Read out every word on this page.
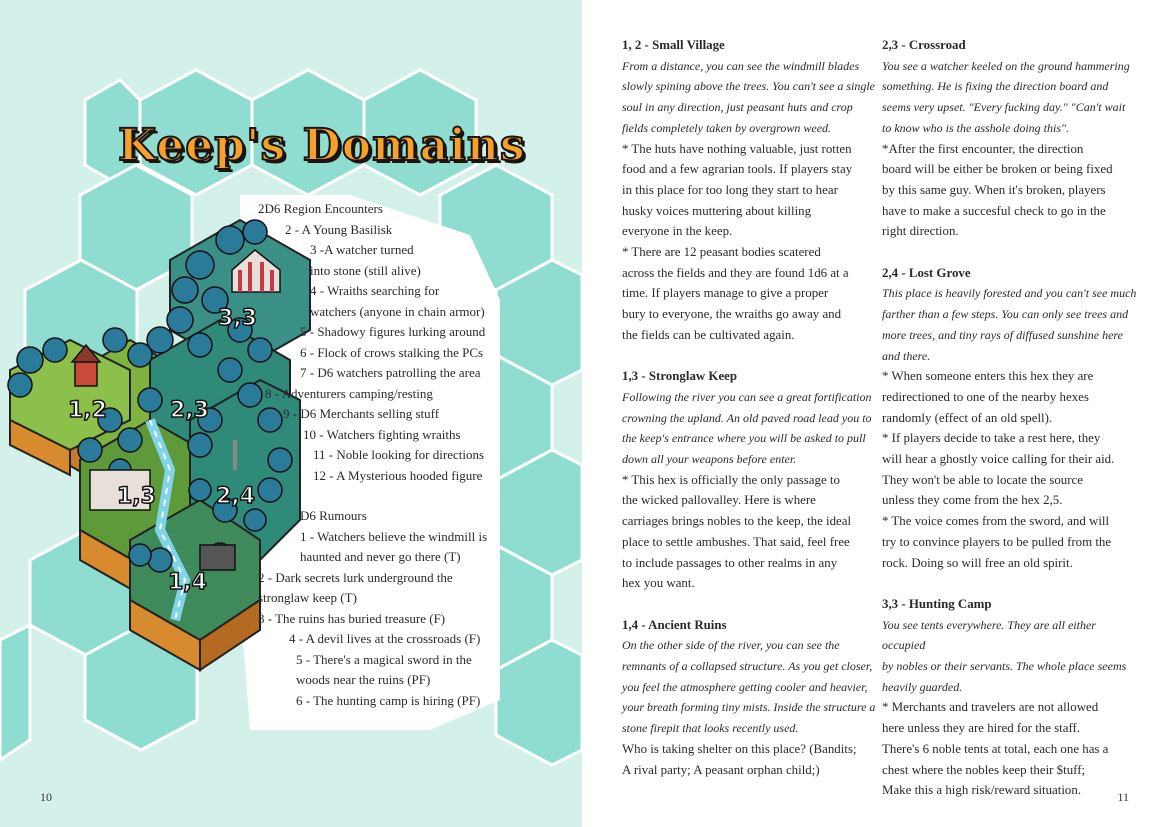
Keep's Domains
1,2	2,3
1,3	2,4
1,4
3,3
2D6 Region Encounters
2 - A Young Basilisk
3 -A watcher turned
into stone (still alive)
4 - Wraiths searching for
watchers (anyone in chain armor)
5 - Shadowy figures lurking around
6 - Flock of crows stalking the PCs
7 - D6 watchers patrolling the area
8 - Adventurers camping/resting
9 - D6 Merchants selling stuff
10 - Watchers fighting wraiths
11 - Noble looking for directions
12 - A Mysterious hooded figure
D6 Rumours
1 - Watchers believe the windmill is
haunted and never go there (T)
2 - Dark secrets lurk underground the
stronglaw keep (T)
3 - The ruins has buried treasure (F)
4 - A devil lives at the crossroads (F)
5 - There's a magical sword in the
woods near the ruins (PF)
6 - The hunting camp is hiring (PF)
10

1, 2 - Small Village

From a distance, you can see the windmill blades

slowly spining above the trees. You can't see a single

soul in any direction, just peasant huts and crop

fields completely taken by overgrown weed.

* The huts have nothing valuable, just rotten

food and a few agrarian tools. If players stay

in this place for too long they start to hear

husky voices muttering about killing

everyone in the keep.

* There are 12 peasant bodies scatered

across the fields and they are found 1d6 at a

time. If players manage to give a proper

bury to everyone, the wraiths go away and

the fields can be cultivated again.

1,3 - Stronglaw Keep

Following the river you can see a great fortification

crowning the upland. An old paved road lead you to

the keep's entrance where you will be asked to pull

down all your weapons before enter.

* This hex is officially the only passage to

the wicked pallovalley. Here is where

carriages brings nobles to the keep, the ideal

place to settle ambushes. That said, feel free

to include passages to other realms in any

hex you want.

1,4 - Ancient Ruins

On the other side of the river, you can see the

remnants of a collapsed structure. As you get closer,

you feel the atmosphere getting cooler and heavier,

your breath forming tiny mists. Inside the structure a

stone firepit that looks recently used.

Who is taking shelter on this place? (Bandits;

A rival party; A peasant orphan child;)

2,3 - Crossroad

You see a watcher keeled on the ground hammering

something. He is fixing the direction board and

seems very upset. "Every fucking day." "Can't wait

to know who is the asshole doing this".

*After the first encounter, the direction

board will be either be broken or being fixed

by this same guy. When it's broken, players

have to make a succesful check to go in the

right direction.

2,4 - Lost Grove

This place is heavily forested and you can't see much

farther than a few steps. You can only see trees and

more trees, and tiny rays of diffused sunshine here

and there.

* When someone enters this hex they are

redirectioned to one of the nearby hexes

randomly (effect of an old spell).

* If players decide to take a rest here, they

will hear a ghostly voice calling for their aid.

They won't be able to locate the source

unless they come from the hex 2,5.

* The voice comes from the sword, and will

try to convince players to be pulled from the

rock. Doing so will free an old spirit.

3,3 - Hunting Camp

You see tents everywhere. They are all either occupied

by nobles or their servants. The whole place seems

heavily guarded.

* Merchants and travelers are not allowed

here unless they are hired for the staff.

There's 6 noble tents at total, each one has a

chest where the nobles keep their $tuff;

Make this a high risk/reward situation.	11
